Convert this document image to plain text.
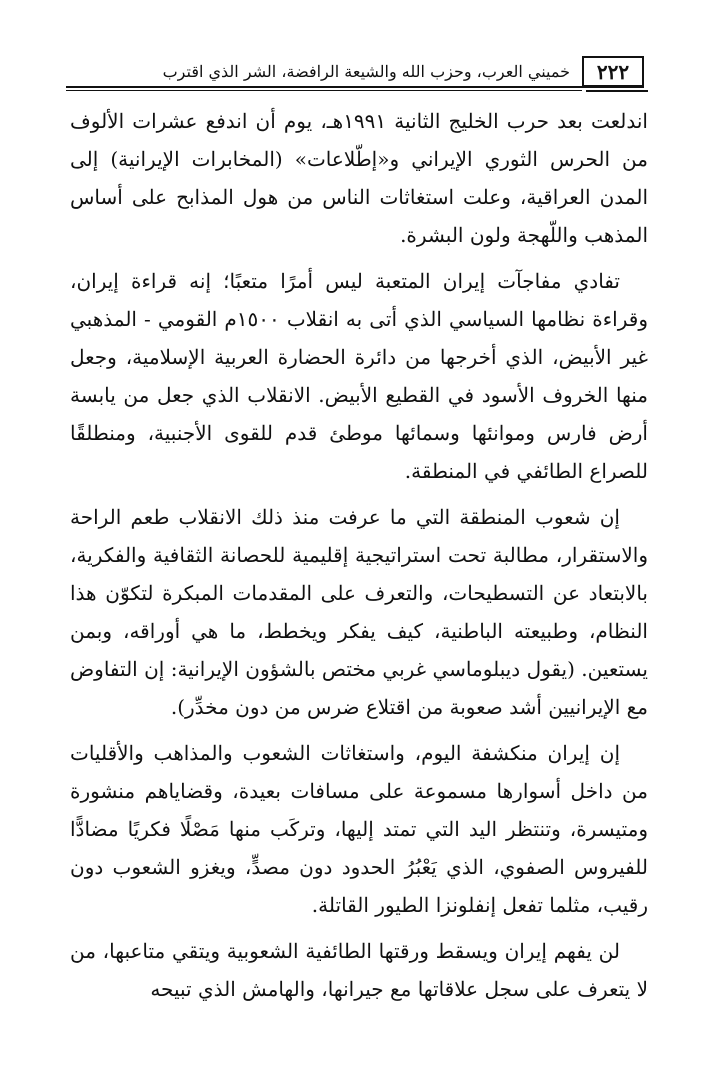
٢٢٢
خميني العرب، وحزب الله والشيعة الرافضة، الشر الذي اقترب

اندلعت بعد حرب الخليج الثانية ١٩٩١هـ، يوم أن اندفع عشرات الألوف من الحرس الثوري الإيراني و«إطّلاعات» (المخابرات الإيرانية) إلى المدن العراقية، وعلت استغاثات الناس من هول المذابح على أساس المذهب واللّهجة ولون البشرة.

تفادي مفاجآت إيران المتعبة ليس أمرًا متعبًا؛ إنه قراءة إيران، وقراءة نظامها السياسي الذي أتى به انقلاب ١٥٠٠م القومي - المذهبي غير الأبيض، الذي أخرجها من دائرة الحضارة العربية الإسلامية، وجعل منها الخروف الأسود في القطيع الأبيض. الانقلاب الذي جعل من يابسة أرض فارس وموانئها وسمائها موطئ قدم للقوى الأجنبية، ومنطلقًا للصراع الطائفي في المنطقة.

إن شعوب المنطقة التي ما عرفت منذ ذلك الانقلاب طعم الراحة والاستقرار، مطالبة تحت استراتيجية إقليمية للحصانة الثقافية والفكرية، بالابتعاد عن التسطيحات، والتعرف على المقدمات المبكرة لتكوّن هذا النظام، وطبيعته الباطنية، كيف يفكر ويخطط، ما هي أوراقه، وبمن يستعين. (يقول ديبلوماسي غربي مختص بالشؤون الإيرانية: إن التفاوض مع الإيرانيين أشد صعوبة من اقتلاع ضرس من دون مخدِّر).

إن إيران منكشفة اليوم، واستغاثات الشعوب والمذاهب والأقليات من داخل أسوارها مسموعة على مسافات بعيدة، وقضاياهم منشورة ومتيسرة، وتنتظر اليد التي تمتد إليها، وتركَب منها مَصْلًا فكريًا مضادًّا للفيروس الصفوي، الذي يَعْبُرُ الحدود دون مصدٍّ، ويغزو الشعوب دون رقيب، مثلما تفعل إنفلونزا الطيور القاتلة.

لن يفهم إيران ويسقط ورقتها الطائفية الشعوبية ويتقي متاعبها، من لا يتعرف على سجل علاقاتها مع جيرانها، والهامش الذي تبيحه
